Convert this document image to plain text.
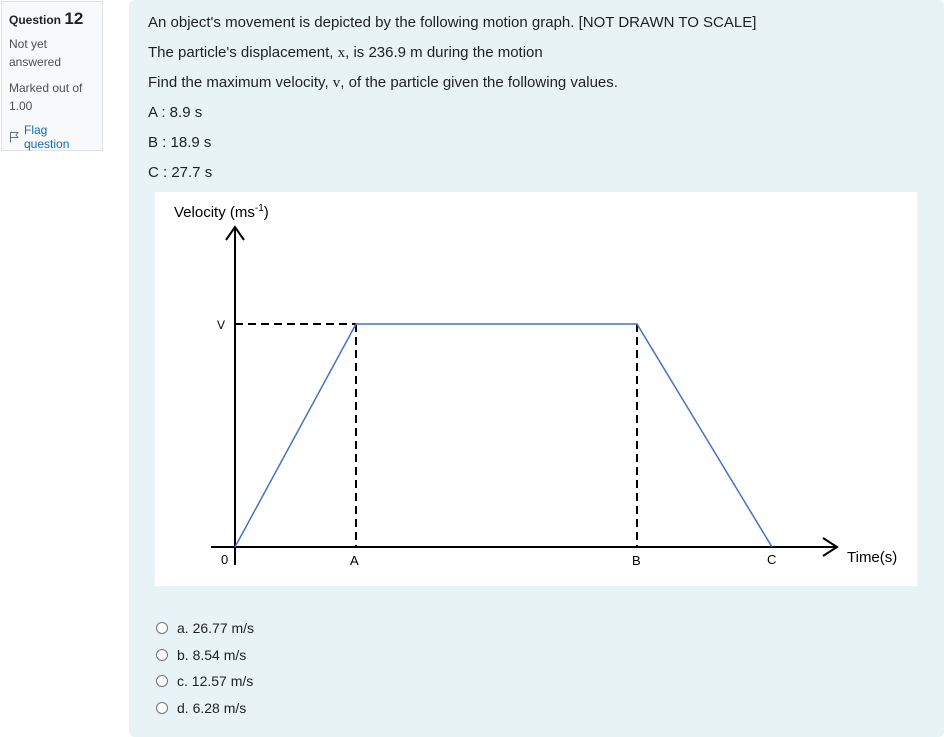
Question 12
Not yet answered
Marked out of 1.00
Flag question
An object's movement is depicted by the following motion graph. [NOT DRAWN TO SCALE]
The particle's displacement, x, is 236.9 m during the motion
Find the maximum velocity, v, of the particle given the following values.
A : 8.9 s
B : 18.9 s
C : 27.7 s
Velocity $(ms^{-1})$
Time(s)
V
0	A	B	C
a. 26.77 m/s
b. 8.54 m/s
c. 12.57 m/s
d. 6.28 m/s
